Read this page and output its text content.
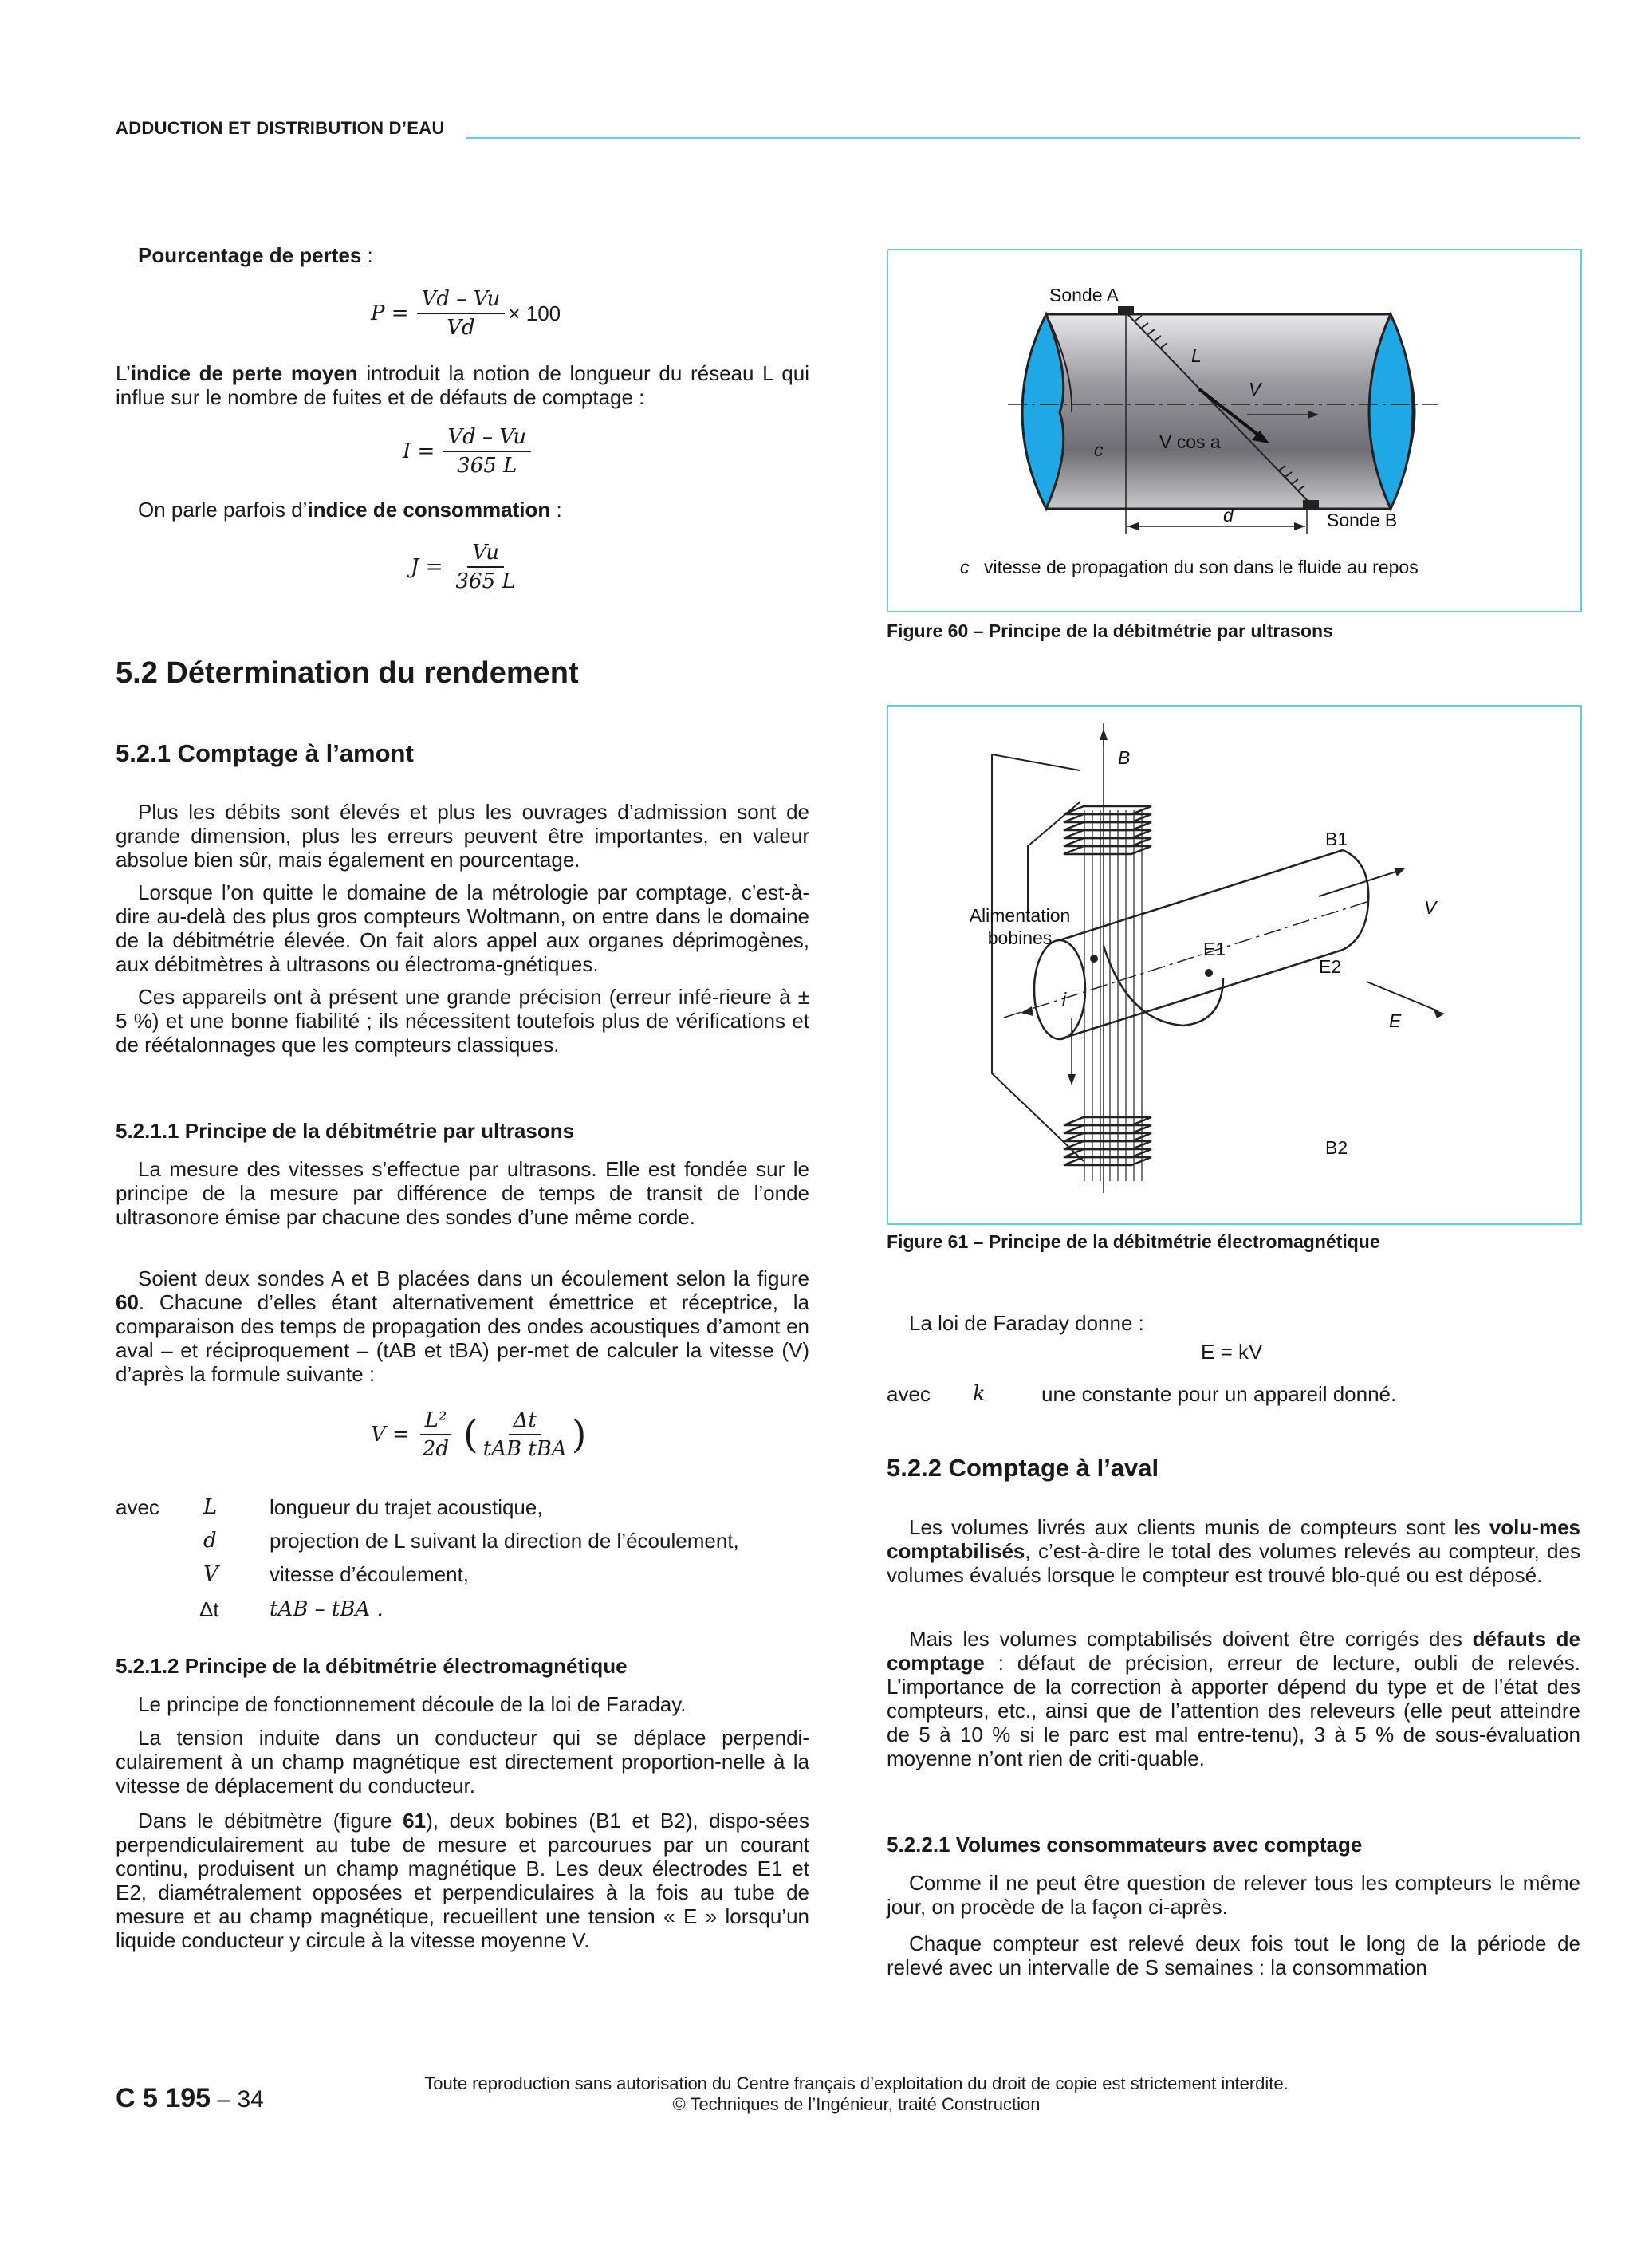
ADDUCTION ET DISTRIBUTION D’EAU
Pourcentage de pertes :
$P = \frac{Vd - Vu}{Vd} \times 100$
L’indice de perte moyen introduit la notion de longueur du réseau L qui influe sur le nombre de fuites et de défauts de comptage :
$I = \frac{Vd - Vu}{365 L}$
On parle parfois d’indice de consommation :
$J = \frac{Vu}{365 L}$
5.2 Détermination du rendement
5.2.1 Comptage à l’amont
Plus les débits sont élevés et plus les ouvrages d’admission sont de grande dimension, plus les erreurs peuvent être importantes, en valeur absolue bien sûr, mais également en pourcentage.
Lorsque l’on quitte le domaine de la métrologie par comptage, c’est-à-dire au-delà des plus gros compteurs Woltmann, on entre dans le domaine de la débitmétrie élevée. On fait alors appel aux organes déprimogènes, aux débitmètres à ultrasons ou électroma-gnétiques.
Ces appareils ont à présent une grande précision (erreur infé-rieure à ± 5 %) et une bonne fiabilité ; ils nécessitent toutefois plus de vérifications et de réétalonnages que les compteurs classiques.
5.2.1.1 Principe de la débitmétrie par ultrasons
La mesure des vitesses s’effectue par ultrasons. Elle est fondée sur le principe de la mesure par différence de temps de transit de l’onde ultrasonore émise par chacune des sondes d’une même corde.
Soient deux sondes A et B placées dans un écoulement selon la figure 60. Chacune d’elles étant alternativement émettrice et réceptrice, la comparaison des temps de propagation des ondes acoustiques d’amont en aval – et réciproquement – (tAB et tBA) per-met de calculer la vitesse (V) d’après la formule suivante :
$V = \frac{\text{L²}}{2d}$ ( $\frac{\Delta t}{\text{tAB tBA}}$ )
avec L	longueur du trajet acoustique,
d	projection de L suivant la direction de l’écoulement,
V vitesse d’écoulement,
Δt tAB – tBA .
5.2.1.2 Principe de la débitmétrie électromagnétique
Le principe de fonctionnement découle de la loi de Faraday.
La tension induite dans un conducteur qui se déplace perpendi-culairement à un champ magnétique est directement proportion-nelle à la vitesse de déplacement du conducteur.
Dans le débitmètre (figure 61), deux bobines (B1 et B2), dispo-sées perpendiculairement au tube de mesure et parcourues par un courant continu, produisent un champ magnétique B. Les deux électrodes E1 et E2, diamétralement opposées et perpendiculaires à la fois au tube de mesure et au champ magnétique, recueillent une tension « E » lorsqu’un liquide conducteur y circule à la vitesse moyenne V.
Sonde A
Sonde B
L
V
c	V cos a
d
c vitesse de propagation du son dans le fluide au repos
Figure 60 – Principe de la débitmétrie par ultrasons
B
B1
B2
V
E
E1
E2
i
Alimentation
bobines
Figure 61 – Principe de la débitmétrie électromagnétique
La loi de Faraday donne :
E = kV
avec k	une constante pour un appareil donné.
5.2.2 Comptage à l’aval
Les volumes livrés aux clients munis de compteurs sont les volu-mes comptabilisés, c’est-à-dire le total des volumes relevés au compteur, des volumes évalués lorsque le compteur est trouvé blo-qué ou est déposé.
Mais les volumes comptabilisés doivent être corrigés des défauts de comptage : défaut de précision, erreur de lecture, oubli de relevés. L’importance de la correction à apporter dépend du type et de l’état des compteurs, etc., ainsi que de l’attention des releveurs (elle peut atteindre de 5 à 10 % si le parc est mal entre-tenu), 3 à 5 % de sous-évaluation moyenne n’ont rien de criti-quable.
5.2.2.1 Volumes consommateurs avec comptage
Comme il ne peut être question de relever tous les compteurs le même jour, on procède de la façon ci-après.
Chaque compteur est relevé deux fois tout le long de la période de relevé avec un intervalle de S semaines : la consommation
C 5 195 – 34
Toute reproduction sans autorisation du Centre français d’exploitation du droit de copie est strictement interdite.
© Techniques de l’Ingénieur, traité Construction
